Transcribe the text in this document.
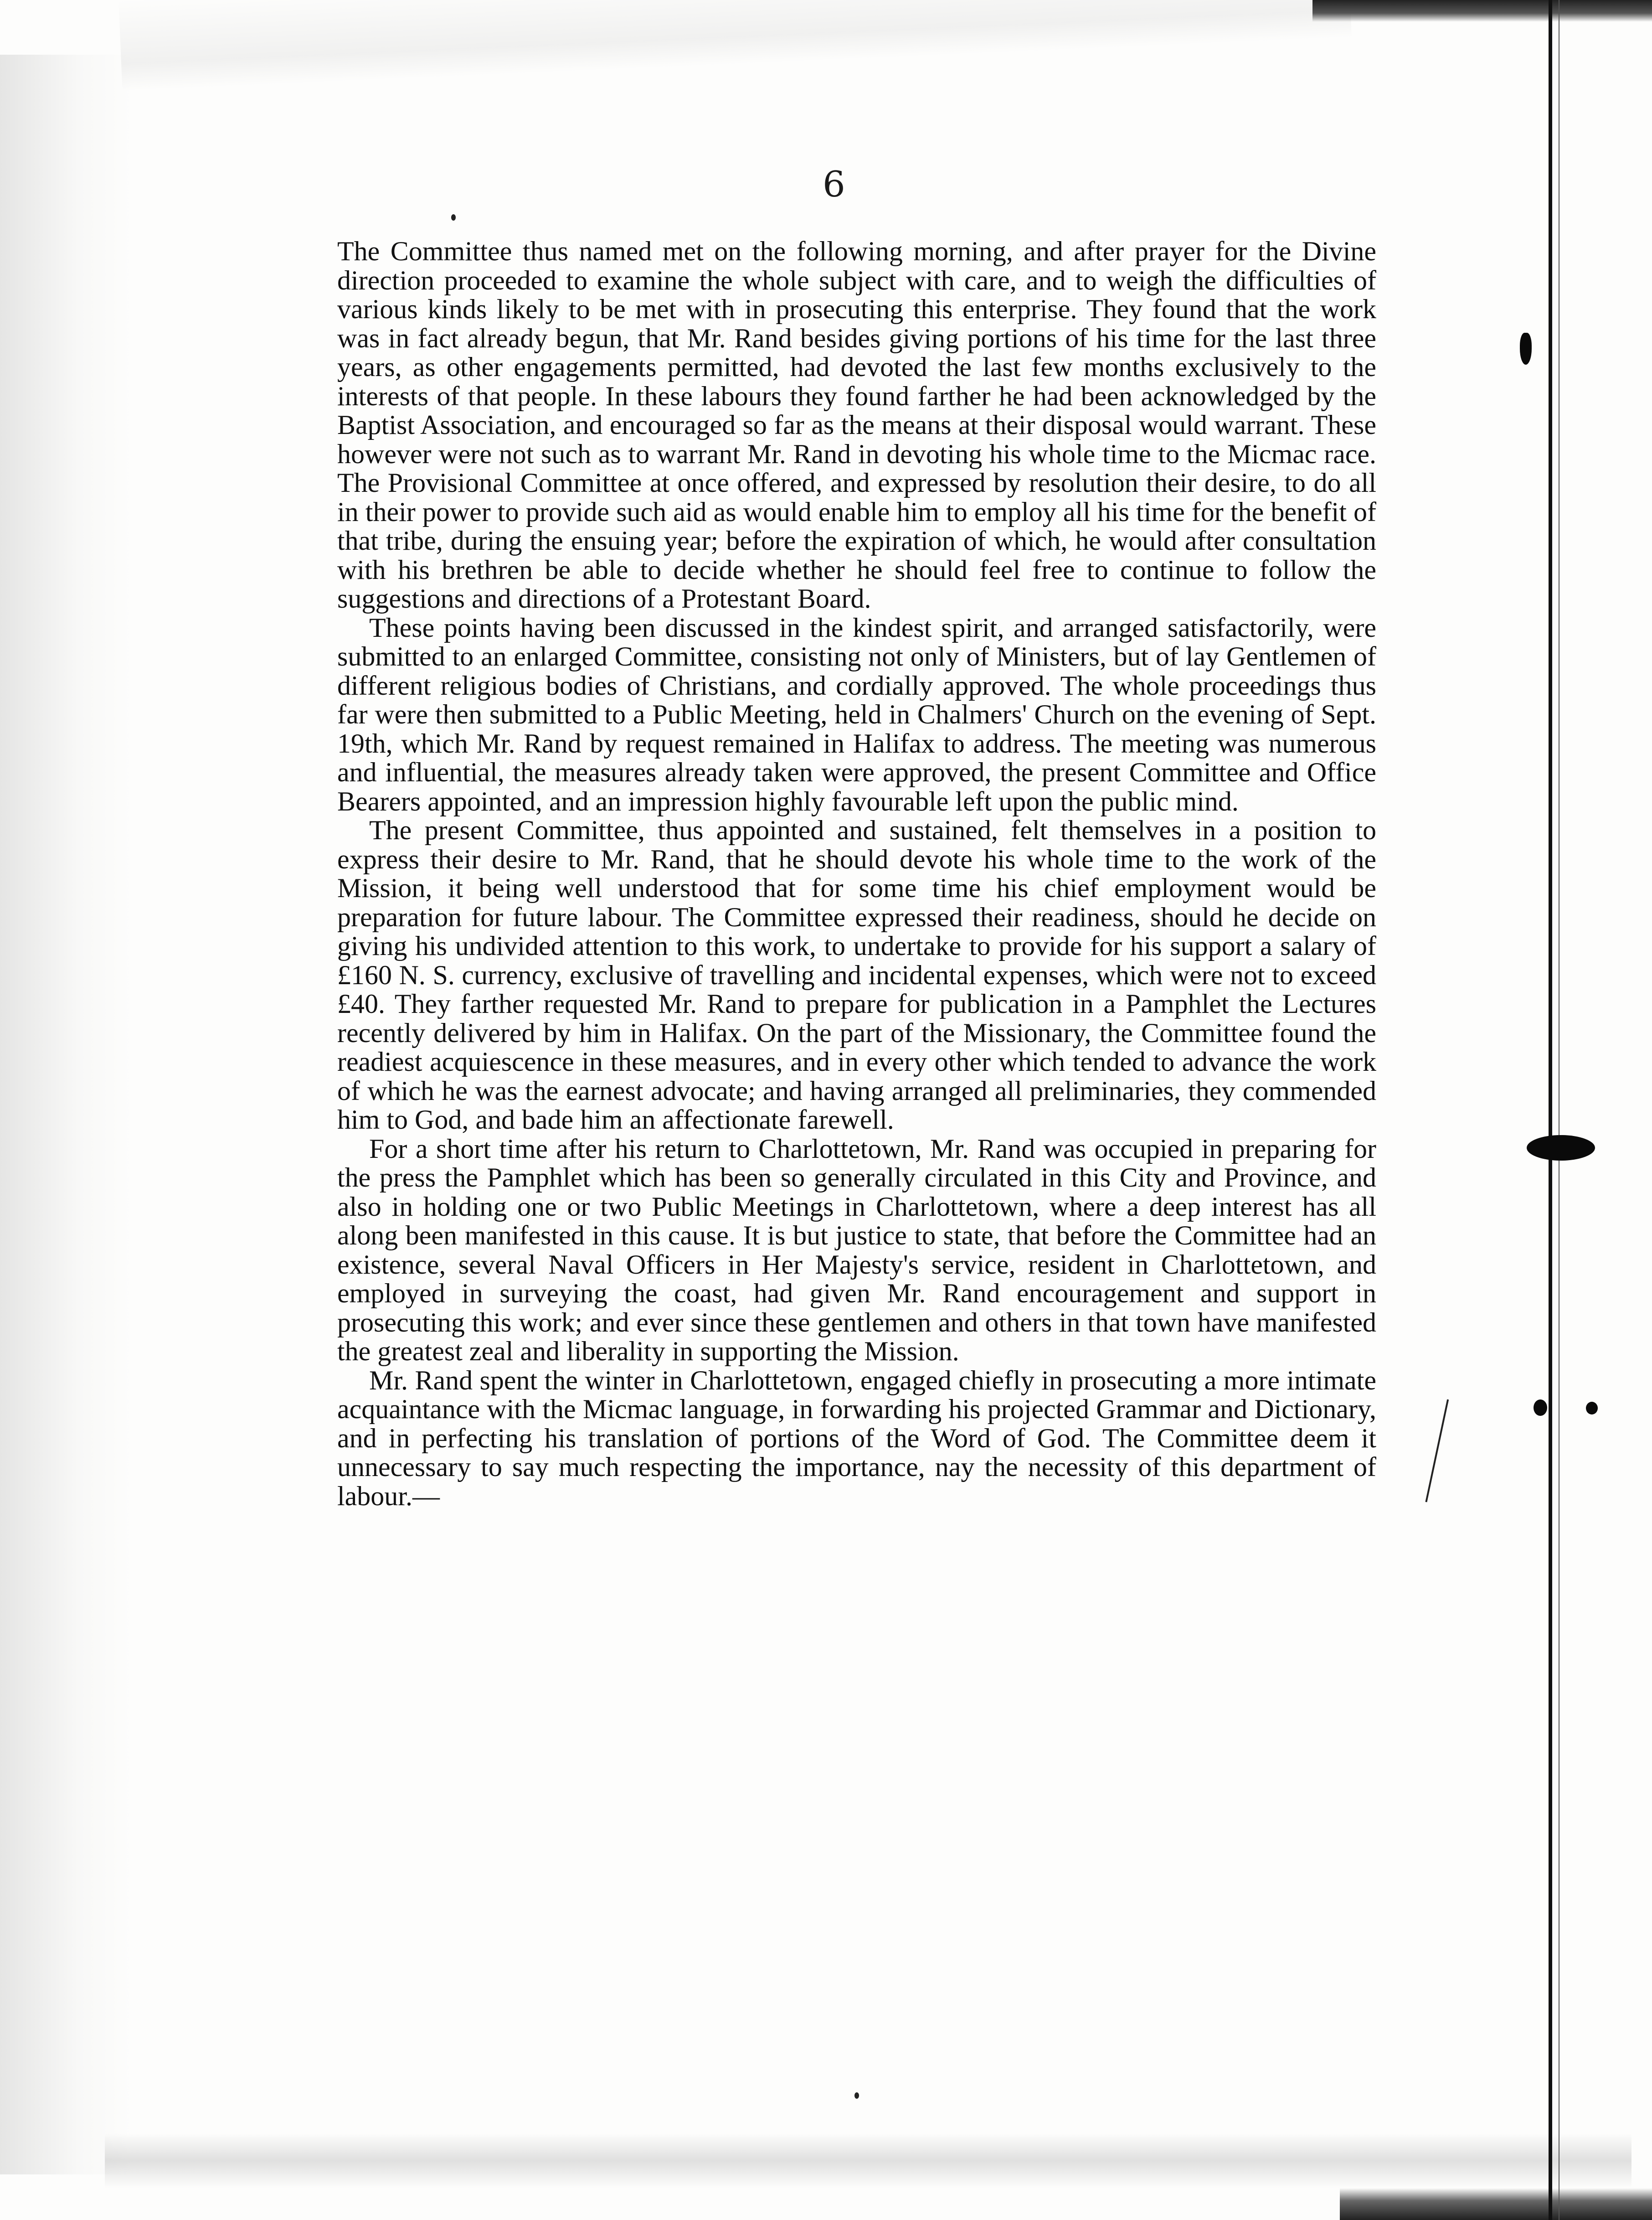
6

The Committee thus named met on the following morning, and after prayer for the Divine direction proceeded to examine the whole subject with care, and to weigh the difficulties of various kinds likely to be met with in prosecuting this enterprise. They found that the work was in fact already begun, that Mr. Rand besides giving portions of his time for the last three years, as other engagements permitted, had devoted the last few months exclusively to the interests of that people. In these labours they found farther he had been acknowledged by the Baptist Association, and encouraged so far as the means at their disposal would warrant. These however were not such as to warrant Mr. Rand in devoting his whole time to the Micmac race. The Provisional Committee at once offered, and expressed by resolution their desire, to do all in their power to provide such aid as would enable him to employ all his time for the benefit of that tribe, during the ensuing year; before the expiration of which, he would after consultation with his brethren be able to decide whether he should feel free to continue to follow the suggestions and directions of a Protestant Board.

These points having been discussed in the kindest spirit, and arranged satisfactorily, were submitted to an enlarged Committee, consisting not only of Ministers, but of lay Gentlemen of different religious bodies of Christians, and cordially approved. The whole proceedings thus far were then submitted to a Public Meeting, held in Chalmers' Church on the evening of Sept. 19th, which Mr. Rand by request remained in Halifax to address. The meeting was numerous and influential, the measures already taken were approved, the present Committee and Office Bearers appointed, and an impression highly favourable left upon the public mind.

The present Committee, thus appointed and sustained, felt themselves in a position to express their desire to Mr. Rand, that he should devote his whole time to the work of the Mission, it being well understood that for some time his chief employment would be preparation for future labour. The Committee expressed their readiness, should he decide on giving his undivided attention to this work, to undertake to provide for his support a salary of £160 N. S. currency, exclusive of travelling and incidental expenses, which were not to exceed £40. They farther requested Mr. Rand to prepare for publication in a Pamphlet the Lectures recently delivered by him in Halifax. On the part of the Missionary, the Committee found the readiest acquiescence in these measures, and in every other which tended to advance the work of which he was the earnest advocate; and having arranged all preliminaries, they commended him to God, and bade him an affectionate farewell.

For a short time after his return to Charlottetown, Mr. Rand was occupied in preparing for the press the Pamphlet which has been so generally circulated in this City and Province, and also in holding one or two Public Meetings in Charlottetown, where a deep interest has all along been manifested in this cause. It is but justice to state, that before the Committee had an existence, several Naval Officers in Her Majesty's service, resident in Charlottetown, and employed in surveying the coast, had given Mr. Rand encouragement and support in prosecuting this work; and ever since these gentlemen and others in that town have manifested the greatest zeal and liberality in supporting the Mission.

Mr. Rand spent the winter in Charlottetown, engaged chiefly in prosecuting a more intimate acquaintance with the Micmac language, in forwarding his projected Grammar and Dictionary, and in perfecting his translation of portions of the Word of God. The Committee deem it unnecessary to say much respecting the importance, nay the necessity of this department of labour.—
